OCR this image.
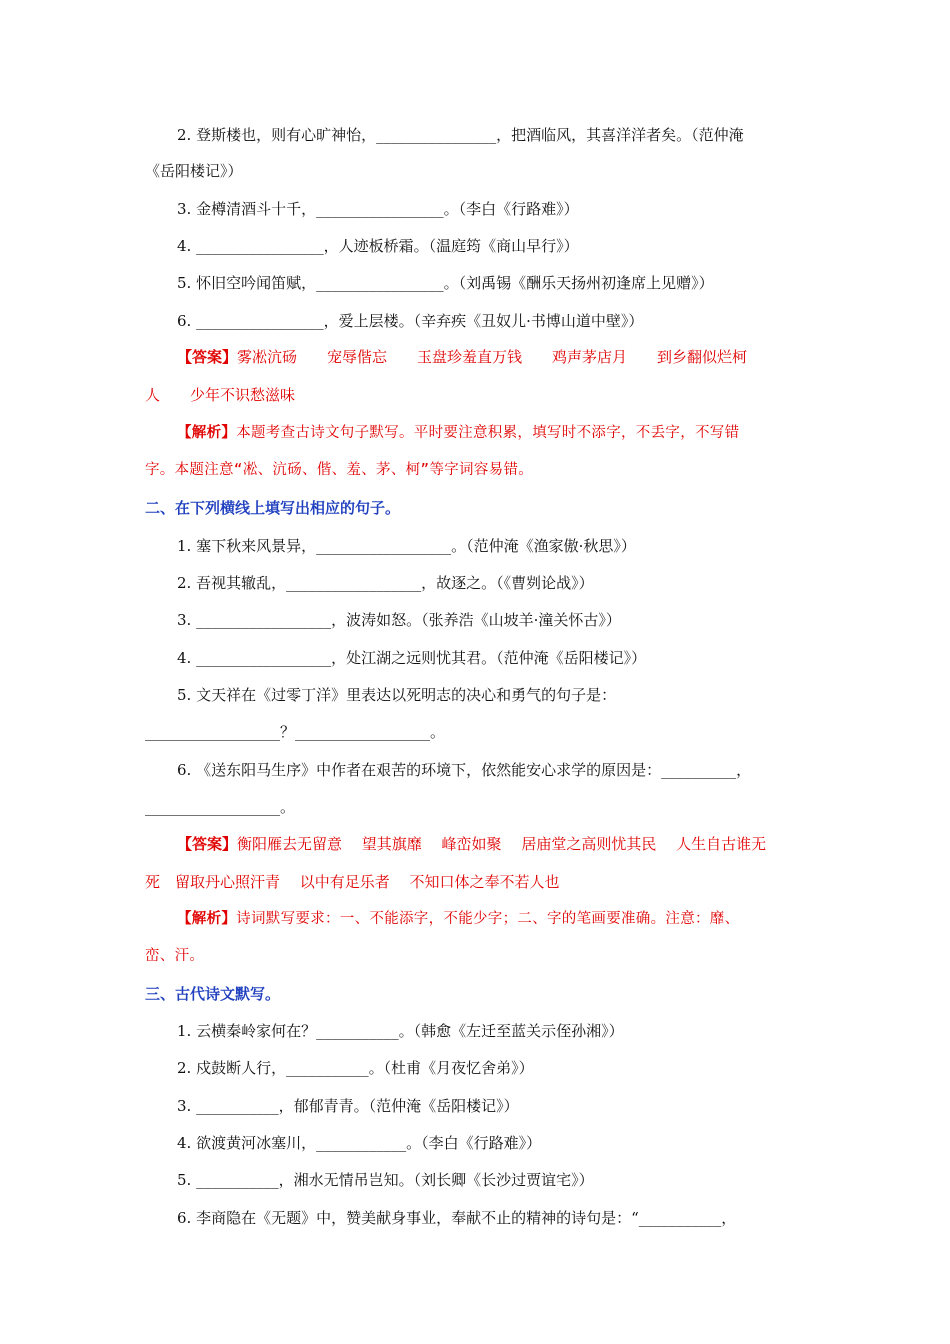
2. 登斯楼也，则有心旷神怡，________________，把酒临风，其喜洋洋者矣。（范仲淹
《岳阳楼记》）
3. 金樽清酒斗十千，_________________。（李白《行路难》）
4. _________________，人迹板桥霜。（温庭筠《商山早行》）
5. 怀旧空吟闻笛赋，_________________。（刘禹锡《酬乐天扬州初逢席上见赠》）
6. _________________，爱上层楼。（辛弃疾《丑奴儿·书博山道中壁》）
【答案】雾凇沆砀　　宠辱偕忘　　玉盘珍羞直万钱　　鸡声茅店月　　到乡翻似烂柯
人　　少年不识愁滋味
【解析】本题考查古诗文句子默写。平时要注意积累，填写时不添字，不丢字，不写错
字。本题注意“凇、沆砀、偕、羞、茅、柯”等字词容易错。
二、在下列横线上填写出相应的句子。
1. 塞下秋来风景异，__________________。（范仲淹《渔家傲·秋思》）
2. 吾视其辙乱，__________________，故逐之。（《曹刿论战》）
3. __________________，波涛如怒。（张养浩《山坡羊·潼关怀古》）
4. __________________，处江湖之远则忧其君。（范仲淹《岳阳楼记》）
5. 文天祥在《过零丁洋》里表达以死明志的决心和勇气的句子是：
__________________？__________________。
6. 《送东阳马生序》中作者在艰苦的环境下，依然能安心求学的原因是：__________，
__________________。
【答案】衡阳雁去无留意　 望其旗靡　 峰峦如聚　 居庙堂之高则忧其民　 人生自古谁无
死　留取丹心照汗青　 以中有足乐者　 不知口体之奉不若人也
【解析】诗词默写要求：一、不能添字，不能少字；二、字的笔画要准确。注意：靡、
峦、汗。
三、古代诗文默写。
1. 云横秦岭家何在？___________。（韩愈《左迁至蓝关示侄孙湘》）
2. 戍鼓断人行，___________。（杜甫《月夜忆舍弟》）
3. ___________，郁郁青青。（范仲淹《岳阳楼记》）
4. 欲渡黄河冰塞川，____________。（李白《行路难》）
5. ___________，湘水无情吊岂知。（刘长卿《长沙过贾谊宅》）
6. 李商隐在《无题》中，赞美献身事业，奉献不止的精神的诗句是：“___________，
